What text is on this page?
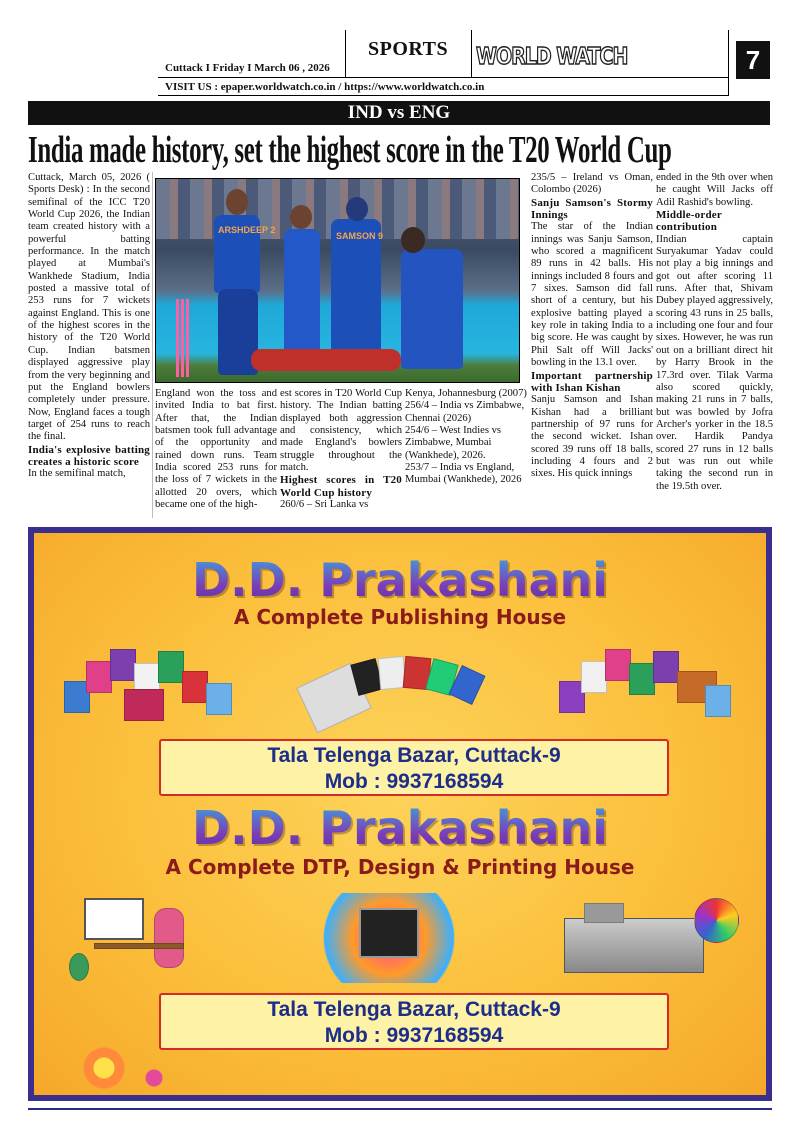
Cuttack I Friday I March 06 , 2026
SPORTS WORLD WATCH	7
VISIT US : epaper.worldwatch.co.in / https://www.worldwatch.co.in
IND vs ENG
India made history, set the highest score in the T20 World Cup
ARSHDEEP 2
SAMSON 9

Cuttack, March 05, 2026 ( Sports Desk) : In the second semifinal of the ICC T20 World Cup 2026, the Indian team created history with a powerful batting performance. In the match played at Mumbai's Wankhede Stadium, India posted a massive total of 253 runs for 7 wickets against England. This is one of the highest scores in the history of the T20 World Cup. Indian batsmen displayed aggressive play from the very beginning and put the England bowlers completely under pressure. Now, England faces a tough target of 254 runs to reach the final.

India's explosive batting creates a historic score

In the semifinal match,

England won the toss and invited India to bat first. After that, the Indian batsmen took full advantage of the opportunity and rained down runs. Team India scored 253 runs for the loss of 7 wickets in the allotted 20 overs, which became one of the high-

est scores in T20 World Cup history. The Indian batting displayed both aggression and consistency, which made England's bowlers struggle throughout the match.

Highest scores in T20 World Cup history

260/6 – Sri Lanka vs

Kenya, Johannesburg (2007) 256/4 – India vs Zimbabwe, Chennai (2026)

254/6 – West Indies vs Zimbabwe, Mumbai (Wankhede), 2026.

253/7 – India vs England, Mumbai (Wankhede), 2026

235/5 – Ireland vs Oman, Colombo (2026)

Sanju Samson's Stormy Innings

The star of the Indian innings was Sanju Samson, who scored a magnificent 89 runs in 42 balls. His innings included 8 fours and 7 sixes. Samson did fall short of a century, but his explosive batting played a key role in taking India to a big score. He was caught by Phil Salt off Will Jacks' bowling in the 13.1 over.

Important partnership with Ishan Kishan

Sanju Samson and Ishan Kishan had a brilliant partnership of 97 runs for the second wicket. Ishan scored 39 runs off 18 balls, including 4 fours and 2 sixes. His quick innings

ended in the 9th over when he caught Will Jacks off Adil Rashid's bowling.

Middle-order contribution

IIndian captain Suryakumar Yadav could not play a big innings and got out after scoring 11 runs. After that, Shivam Dubey played aggressively, scoring 43 runs in 25 balls, including one four and four sixes. However, he was run out on a brilliant direct hit by Harry Brook in the 17.3rd over. Tilak Varma also scored quickly, making 21 runs in 7 balls, but was bowled by Jofra Archer's yorker in the 18.5 over. Hardik Pandya scored 27 runs in 12 balls but was run out while taking the second run in the 19.5th over.

D.D. Prakashani
A Complete Publishing House
Tala Telenga Bazar, Cuttack-9
Mob : 9937168594
D.D. Prakashani
A Complete DTP, Design & Printing House
Tala Telenga Bazar, Cuttack-9
Mob : 9937168594
